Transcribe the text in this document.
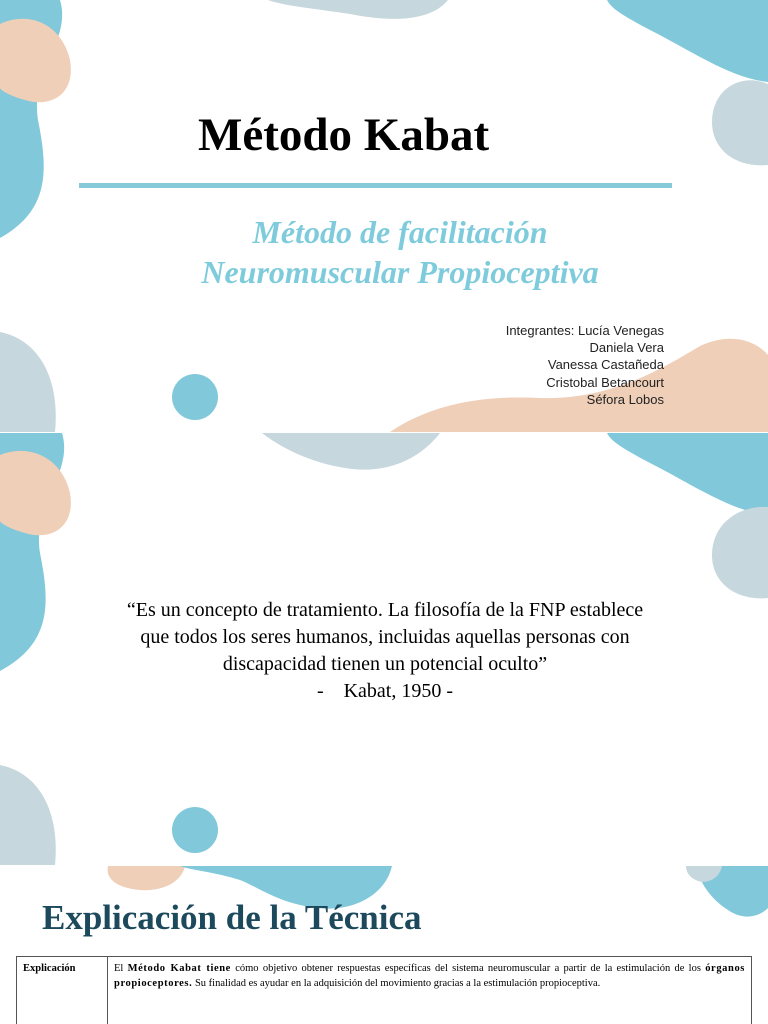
Método Kabat
Método de facilitación
Neuromuscular Propioceptiva
Integrantes: Lucía Venegas
Daniela Vera
Vanessa Castañeda
Cristobal Betancourt
Séfora Lobos
“Es un concepto de tratamiento. La filosofía de la FNP establece
que todos los seres humanos, incluidas aquellas personas con
discapacidad tienen un potencial oculto”
-    Kabat, 1950 -
Explicación de la Técnica
Explicación	El Método Kabat tiene cómo objetivo obtener respuestas específicas del sistema neuromuscular a partir de la estimulación de los órganos propioceptores. Su finalidad es ayudar en la adquisición del movimiento gracias a la estimulación propioceptiva.
